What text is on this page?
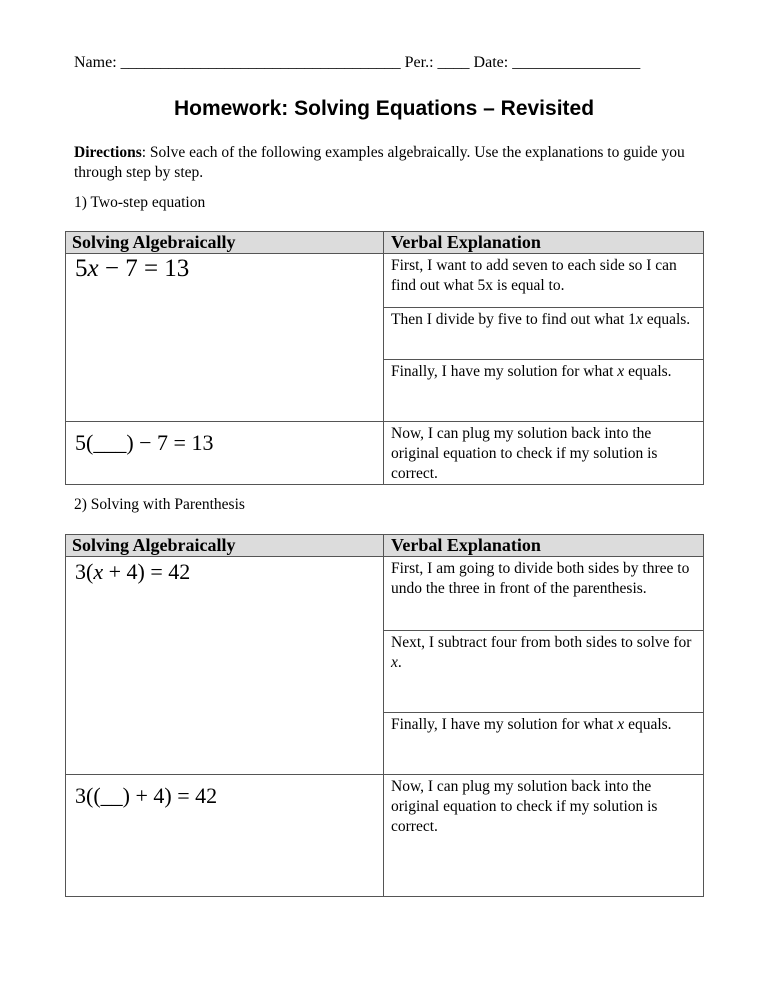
Name: ___________________________________ Per.: ____ Date: ________________
Homework: Solving Equations – Revisited
Directions: Solve each of the following examples algebraically. Use the explanations to guide you through step by step.
1) Two-step equation
Solving Algebraically	Verbal Explanation

5x − 7 = 13	First, I want to add seven to each side so I can find out what 5x is equal to.
	Then I divide by five to find out what 1x equals.
	Finally, I have my solution for what x equals.

5(___) − 7 = 13	Now, I can plug my solution back into the original equation to check if my solution is correct.
2) Solving with Parenthesis
Solving Algebraically	Verbal Explanation

3(x + 4) = 42	First, I am going to divide both sides by three to undo the three in front of the parenthesis.
	Next, I subtract four from both sides to solve for x.
	Finally, I have my solution for what x equals.

3((__) + 4) = 42	Now, I can plug my solution back into the original equation to check if my solution is correct.
